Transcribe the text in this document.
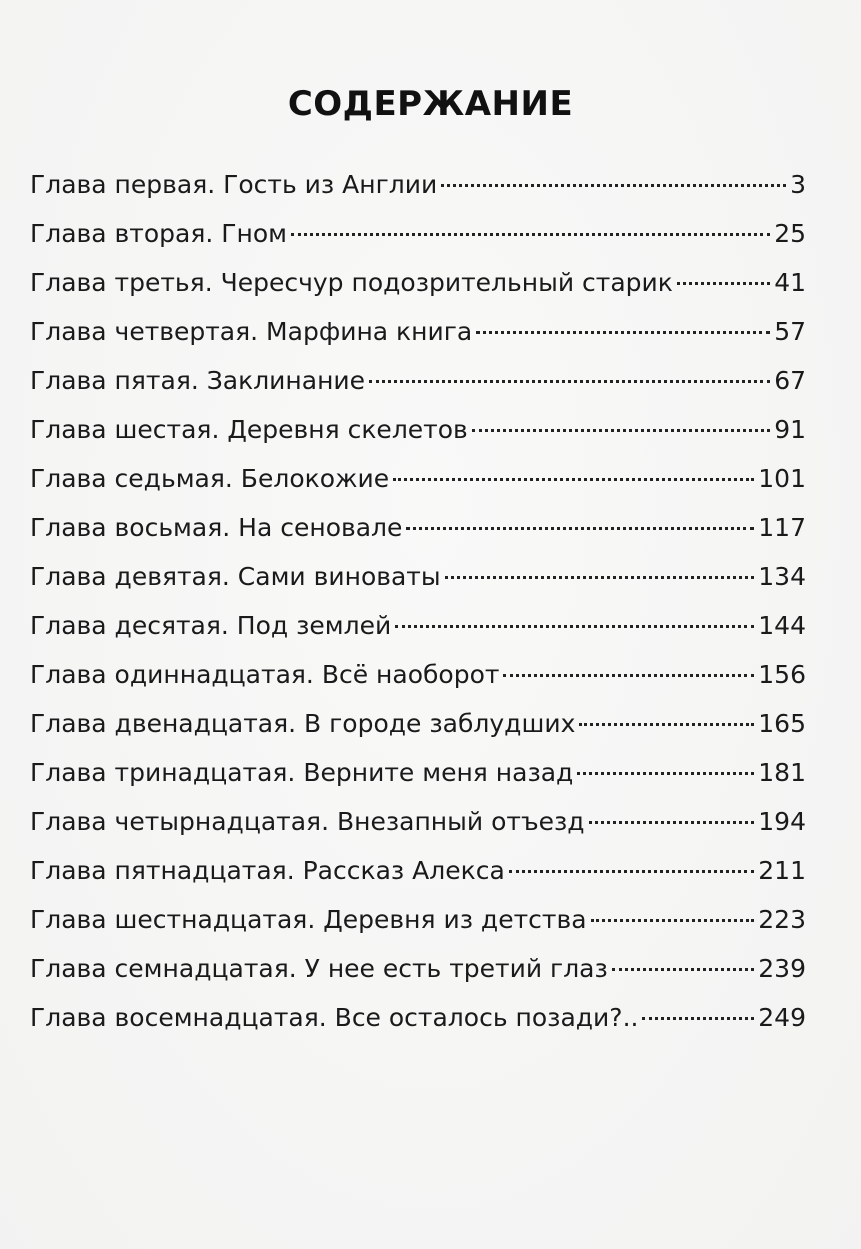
СОДЕРЖАНИЕ
Глава первая. Гость из Англии	3
Глава вторая. Гном	25
Глава третья. Чересчур подозрительный старик	41
Глава четвертая. Марфина книга	57
Глава пятая. Заклинание	67
Глава шестая. Деревня скелетов	91
Глава седьмая. Белокожие	101
Глава восьмая. На сеновале	117
Глава девятая. Сами виноваты	134
Глава десятая. Под землей	144
Глава одиннадцатая. Всё наоборот	156
Глава двенадцатая. В городе заблудших	165
Глава тринадцатая. Верните меня назад	181
Глава четырнадцатая. Внезапный отъезд	194
Глава пятнадцатая. Рассказ Алекса	211
Глава шестнадцатая. Деревня из детства	223
Глава семнадцатая. У нее есть третий глаз	239
Глава восемнадцатая. Все осталось позади?..	249
